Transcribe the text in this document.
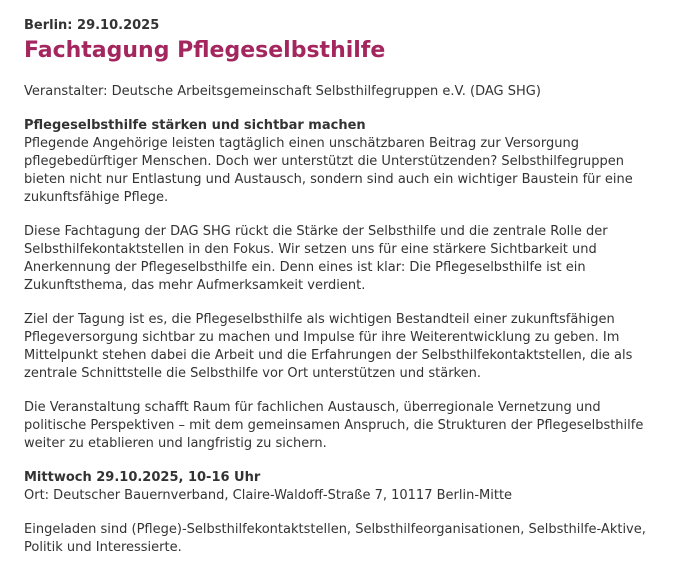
Berlin: 29.10.2025

Fachtagung Pflegeselbsthilfe

Veranstalter: Deutsche Arbeitsgemeinschaft Selbsthilfegruppen e.V. (DAG SHG)

Pflegeselbsthilfe stärken und sichtbar machen

Pflegende Angehörige leisten tagtäglich einen unschätzbaren Beitrag zur Versorgung pflegebedürftiger Menschen. Doch wer unterstützt die Unterstützenden? Selbsthilfegruppen bieten nicht nur Entlastung und Austausch, sondern sind auch ein wichtiger Baustein für eine zukunftsfähige Pflege.

Diese Fachtagung der DAG SHG rückt die Stärke der Selbsthilfe und die zentrale Rolle der Selbsthilfekontaktstellen in den Fokus. Wir setzen uns für eine stärkere Sichtbarkeit und Anerkennung der Pflegeselbsthilfe ein. Denn eines ist klar: Die Pflegeselbsthilfe ist ein Zukunftsthema, das mehr Aufmerksamkeit verdient.

Ziel der Tagung ist es, die Pflegeselbsthilfe als wichtigen Bestandteil einer zukunftsfähigen Pflegeversorgung sichtbar zu machen und Impulse für ihre Weiterentwicklung zu geben. Im Mittelpunkt stehen dabei die Arbeit und die Erfahrungen der Selbsthilfekontaktstellen, die als zentrale Schnittstelle die Selbsthilfe vor Ort unterstützen und stärken.

Die Veranstaltung schafft Raum für fachlichen Austausch, überregionale Vernetzung und politische Perspektiven – mit dem gemeinsamen Anspruch, die Strukturen der Pflegeselbsthilfe weiter zu etablieren und langfristig zu sichern.

Mittwoch 29.10.2025, 10-16 Uhr

Ort: Deutscher Bauernverband, Claire-Waldoff-Straße 7, 10117 Berlin-Mitte

Eingeladen sind (Pflege)-Selbsthilfekontaktstellen, Selbsthilfeorganisationen, Selbsthilfe-Aktive, Politik und Interessierte.
